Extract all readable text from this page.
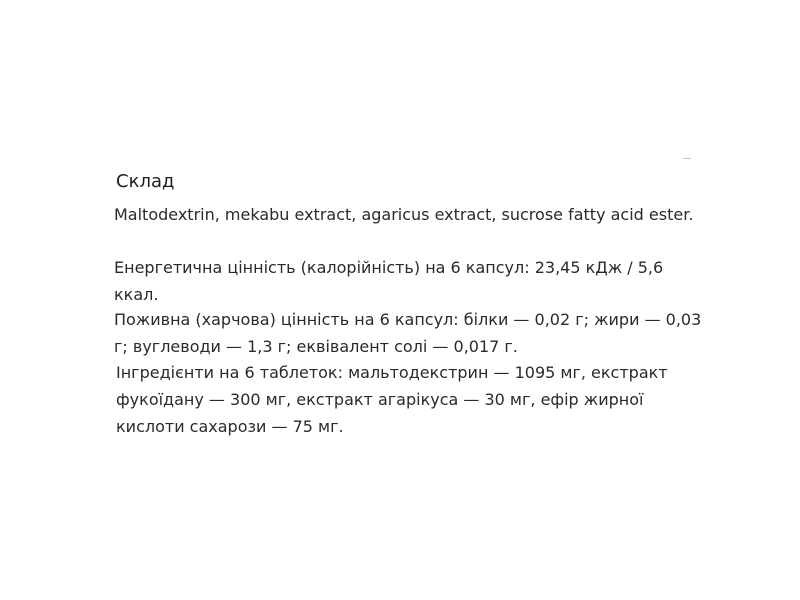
Склад

Maltodextrin, mekabu extract, agaricus extract, sucrose fatty acid ester.

Енергетична цінність (калорійність) на 6 капсул: 23,45 кДж / 5,6 ккал.

Поживна (харчова) цінність на 6 капсул: білки — 0,02 г; жири — 0,03 г; вуглеводи — 1,3 г; еквівалент солі — 0,017 г.

Інгредієнти на 6 таблеток: мальтодекстрин — 1095 мг, екстракт фукоїдану — 300 мг, екстракт агарікуса — 30 мг, ефір жирної кислоти сахарози — 75 мг.
